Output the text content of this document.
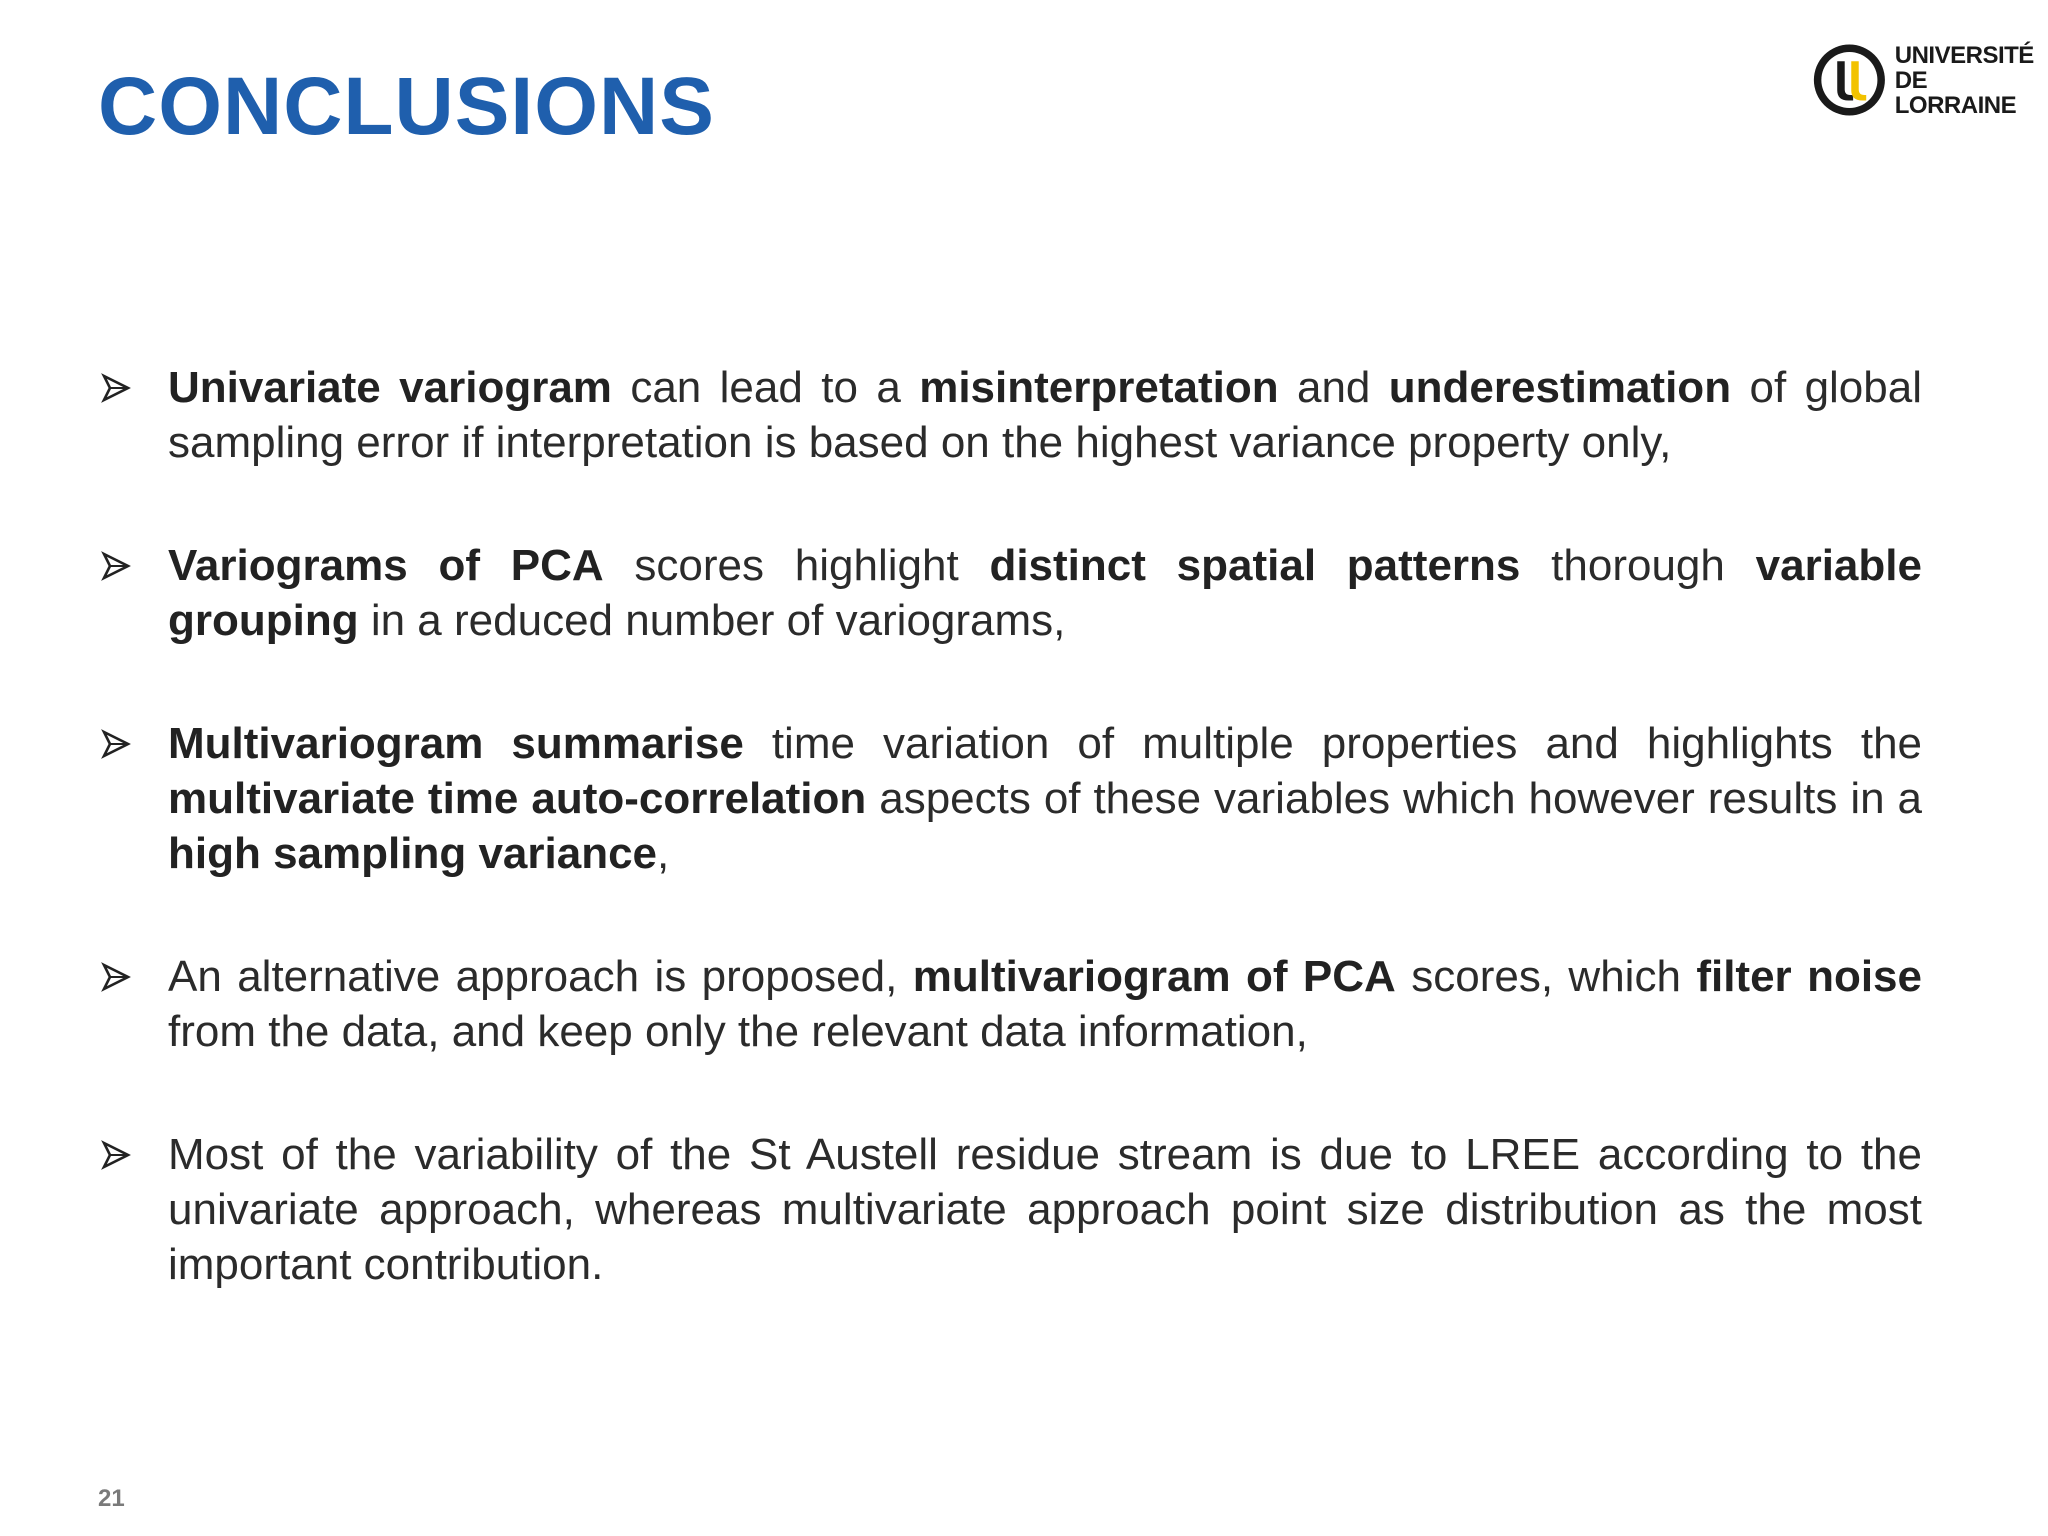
CONCLUSIONS
UNIVERSITÉ
DE LORRAINE

Univariate variogram can lead to a misinterpretation and underestimation of global sampling error if interpretation is based on the highest variance property only,

Variograms of PCA scores highlight distinct spatial patterns thorough variable grouping in a reduced number of variograms,

Multivariogram summarise time variation of multiple properties and highlights the multivariate time auto-correlation aspects of these variables which however results in a high sampling variance,

An alternative approach is proposed, multivariogram of PCA scores, which filter noise from the data, and keep only the relevant data information,

Most of the variability of the St Austell residue stream is due to LREE according to the univariate approach, whereas multivariate approach point size distribution as the most important contribution.

21
